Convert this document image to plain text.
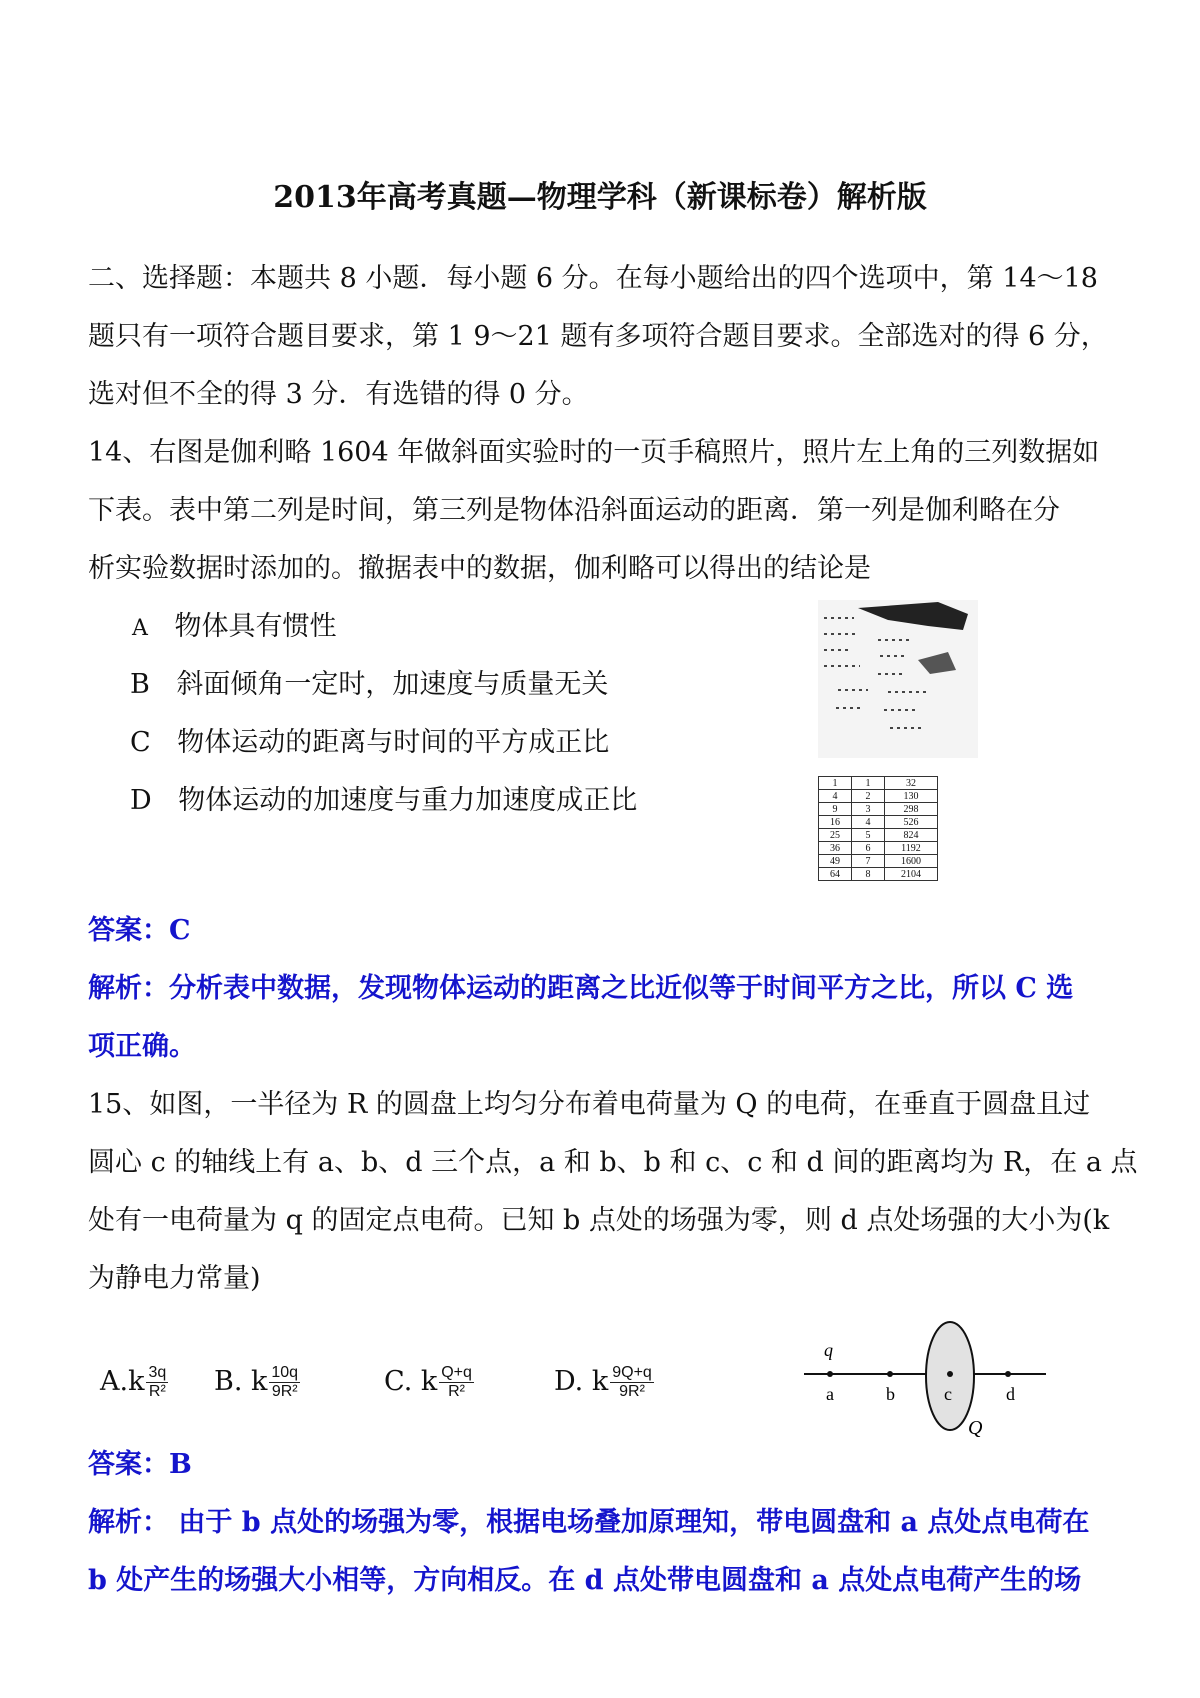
2013年高考真题—物理学科（新课标卷）解析版
二、选择题：本题共 8 小题．每小题 6 分。在每小题给出的四个选项中，第 14～18
题只有一项符合题目要求，第 1 9～21 题有多项符合题目要求。全部选对的得 6 分，
选对但不全的得 3 分．有选错的得 0 分。
14、右图是伽利略 1604 年做斜面实验时的一页手稿照片，照片左上角的三列数据如
下表。表中第二列是时间，第三列是物体沿斜面运动的距离．第一列是伽利略在分
析实验数据时添加的。撤据表中的数据，伽利略可以得出的结论是
A 物体具有惯性
B 斜面倾角一定时，加速度与质量无关
C 物体运动的距离与时间的平方成正比
D 物体运动的加速度与重力加速度成正比
1	1	32
4	2	130
9	3	298
16	4	526
25	5	824
36	6	1192
49	7	1600
64	8	2104
答案：C
解析：分析表中数据，发现物体运动的距离之比近似等于时间平方之比，所以 C 选
项正确。
15、如图，一半径为 R 的圆盘上均匀分布着电荷量为 Q 的电荷，在垂直于圆盘且过
圆心 c 的轴线上有 a、b、d 三个点，a 和 b、b 和 c、c 和 d 间的距离均为 R，在 a 点
处有一电荷量为 q 的固定点电荷。已知 b 点处的场强为零，则 d 点处场强的大小为(k
为静电力常量)
$A.k \frac{3q}{\text{R²}} B$. k $\frac{10q}{\text{9R²}}$	C. k $\frac{Q+q}{\text{R²}}$	D. k $\frac{9Q+q}{\text{9R²}}$
q
a	b	c	d
Q
答案：B
解析： 由于 b 点处的场强为零，根据电场叠加原理知，带电圆盘和 a 点处点电荷在
b 处产生的场强大小相等，方向相反。在 d 点处带电圆盘和 a 点处点电荷产生的场
